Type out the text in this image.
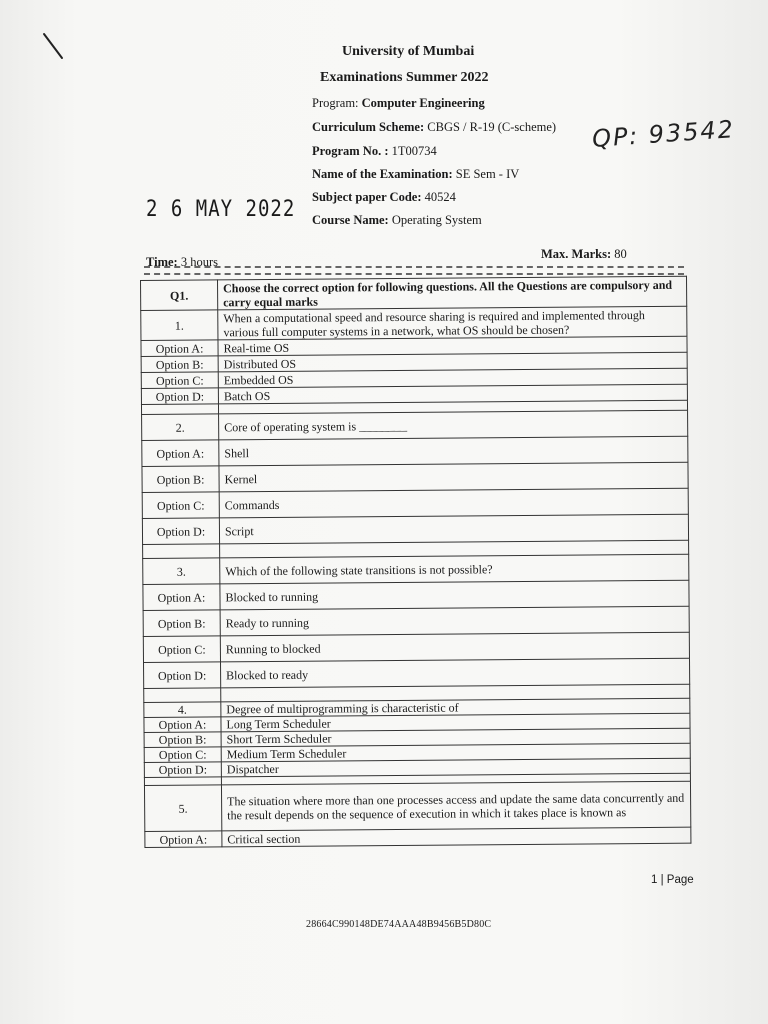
University of Mumbai
Examinations Summer 2022
Program: Computer Engineering
Curriculum Scheme: CBGS / R-19 (C-scheme)
Program No. : 1T00734
Name of the Examination: SE Sem - IV
Subject paper Code: 40524
Course Name: Operating System
QP: 93542
2 6 MAY 2022
Time: 3 hours
Max. Marks: 80
Q1.	Choose the correct option for following questions. All the Questions are compulsory and carry equal marks
1.	When a computational speed and resource sharing is required and implemented through various full computer systems in a network, what OS should be chosen?
Option A:	Real-time OS
Option B:	Distributed OS
Option C:	Embedded OS
Option D:	Batch OS

2.	Core of operating system is ________
Option A:	Shell
Option B:	Kernel
Option C:	Commands
Option D:	Script

3.	Which of the following state transitions is not possible?
Option A:	Blocked to running
Option B:	Ready to running
Option C:	Running to blocked
Option D:	Blocked to ready

4.	Degree of multiprogramming is characteristic of
Option A:	Long Term Scheduler
Option B:	Short Term Scheduler
Option C:	Medium Term Scheduler
Option D:	Dispatcher

5.	The situation where more than one processes access and update the same data concurrently and the result depends on the sequence of execution in which it takes place is known as
Option A:	Critical section
1 | Page
28664C990148DE74AAA48B9456B5D80C
